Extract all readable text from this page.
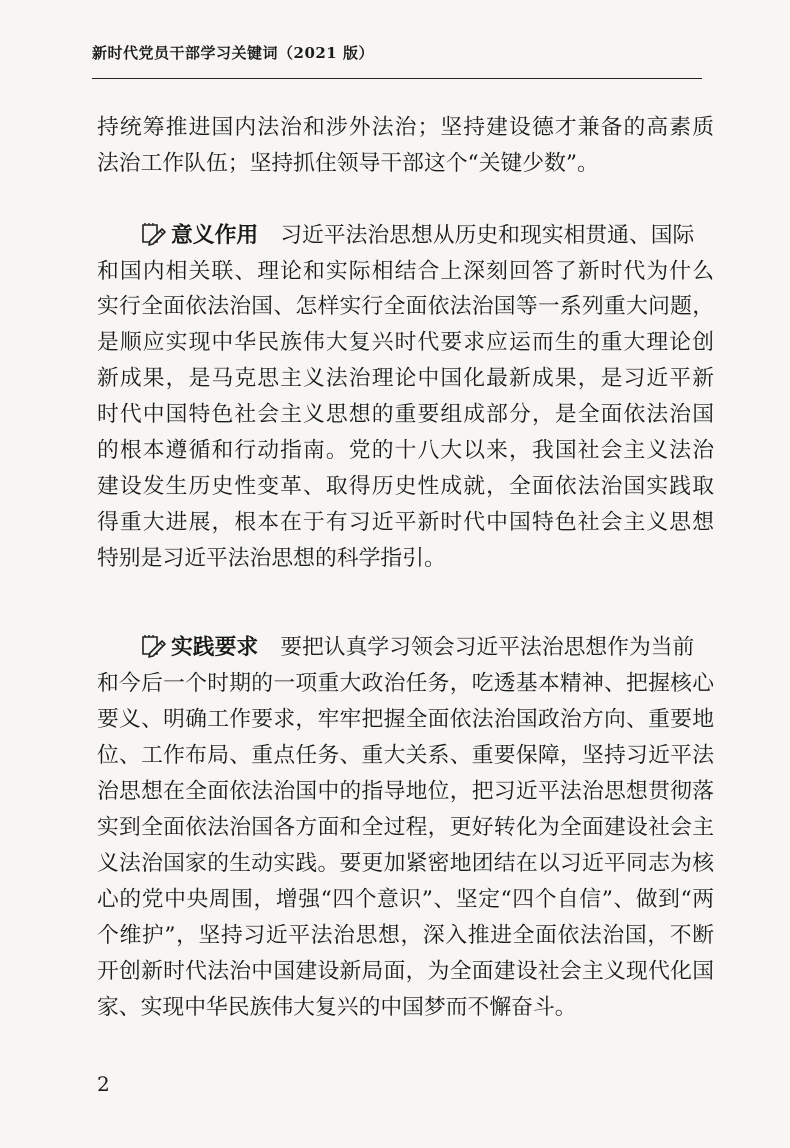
新时代党员干部学习关键词（2021 版）
持统筹推进国内法治和涉外法治；坚持建设德才兼备的高素质
法治工作队伍；坚持抓住领导干部这个“关键少数”。
意义作用 习近平法治思想从历史和现实相贯通、国际
和国内相关联、理论和实际相结合上深刻回答了新时代为什么
实行全面依法治国、怎样实行全面依法治国等一系列重大问题，
是顺应实现中华民族伟大复兴时代要求应运而生的重大理论创
新成果，是马克思主义法治理论中国化最新成果，是习近平新
时代中国特色社会主义思想的重要组成部分，是全面依法治国
的根本遵循和行动指南。党的十八大以来，我国社会主义法治
建设发生历史性变革、取得历史性成就，全面依法治国实践取
得重大进展，根本在于有习近平新时代中国特色社会主义思想
特别是习近平法治思想的科学指引。
实践要求 要把认真学习领会习近平法治思想作为当前
和今后一个时期的一项重大政治任务，吃透基本精神、把握核心
要义、明确工作要求，牢牢把握全面依法治国政治方向、重要地
位、工作布局、重点任务、重大关系、重要保障，坚持习近平法
治思想在全面依法治国中的指导地位，把习近平法治思想贯彻落
实到全面依法治国各方面和全过程，更好转化为全面建设社会主
义法治国家的生动实践。要更加紧密地团结在以习近平同志为核
心的党中央周围，增强“四个意识”、坚定“四个自信”、做到“两
个维护”，坚持习近平法治思想，深入推进全面依法治国，不断
开创新时代法治中国建设新局面，为全面建设社会主义现代化国
家、实现中华民族伟大复兴的中国梦而不懈奋斗。
2
